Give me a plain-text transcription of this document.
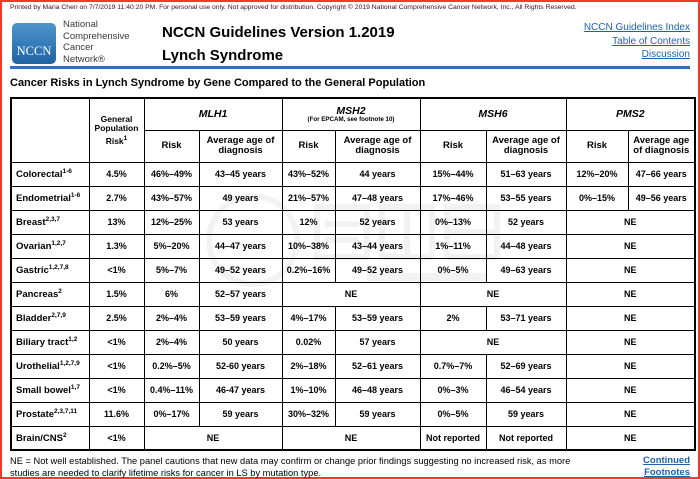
Printed by Maria Chen on 7/7/2019 11:40:20 PM. For personal use only. Not approved for distribution. Copyright © 2019 National Comprehensive Cancer Network, Inc., All Rights Reserved.
NCCN
National
Comprehensive
Cancer
Network®
NCCN Guidelines Version 1.2019
Lynch Syndrome
NCCN Guidelines Index
Table of Contents
Discussion
Cancer Risks in Lynch Syndrome by Gene Compared to the General Population
	General Population Risk$^1$	MLH1		MSH2
(For EPCAM, see footnote 10)		MSH6		PMS2	

		Risk	Average age of diagnosis	Risk	Average age of diagnosis	Risk	Average age of diagnosis	Risk	Average age of diagnosis
Colorectal$^{1-6}$	4.5%	46%–49%	43–45 years	43%–52%	44 years	15%–44%	51–63 years	12%–20%	47–66 years
Endometrial$^{1-6}$	2.7%	43%–57%	49 years	21%–57%	47–48 years	17%–46%	53–55 years	0%–15%	49–56 years
Breast$^{2,3,7}$	13%	12%–25%	53 years	12%	52 years	0%–13%	52 years	NE	
Ovarian$^{1,2,7}$	1.3%	5%–20%	44–47 years	10%–38%	43–44 years	1%–11%	44–48 years	NE	
Gastric$^{1,2,7,8}$	<1%	5%–7%	49–52 years	0.2%–16%	49–52 years	0%–5%	49–63 years	NE	
Pancreas$^2$	1.5%	6%	52–57 years	NE		NE		NE	
Bladder$^{2,7,9}$	2.5%	2%–4%	53–59 years	4%–17%	53–59 years	2%	53–71 years	NE	
Biliary tract$^{1,2}$	<1%	2%–4%	50 years	0.02%	57 years	NE		NE	
Urothelial$^{1,2,7,9}$	<1%	0.2%–5%	52-60 years	2%–18%	52–61 years	0.7%–7%	52–69 years	NE	
Small bowel$^{1,7}$	<1%	0.4%–11%	46-47 years	1%–10%	46–48 years	0%–3%	46–54 years	NE	
Prostate$^{2,3,7,11}$	11.6%	0%–17%	59 years	30%–32%	59 years	0%–5%	59 years	NE	
Brain/$CNS^2$	<1%	NE		NE		Not reported	Not reported	NE	
NE = Not well established. The panel cautions that new data may confirm or change prior findings suggesting no increased risk, as more studies are needed to clarify lifetime risks for cancer in LS by mutation type.
Continued
Footnotes
